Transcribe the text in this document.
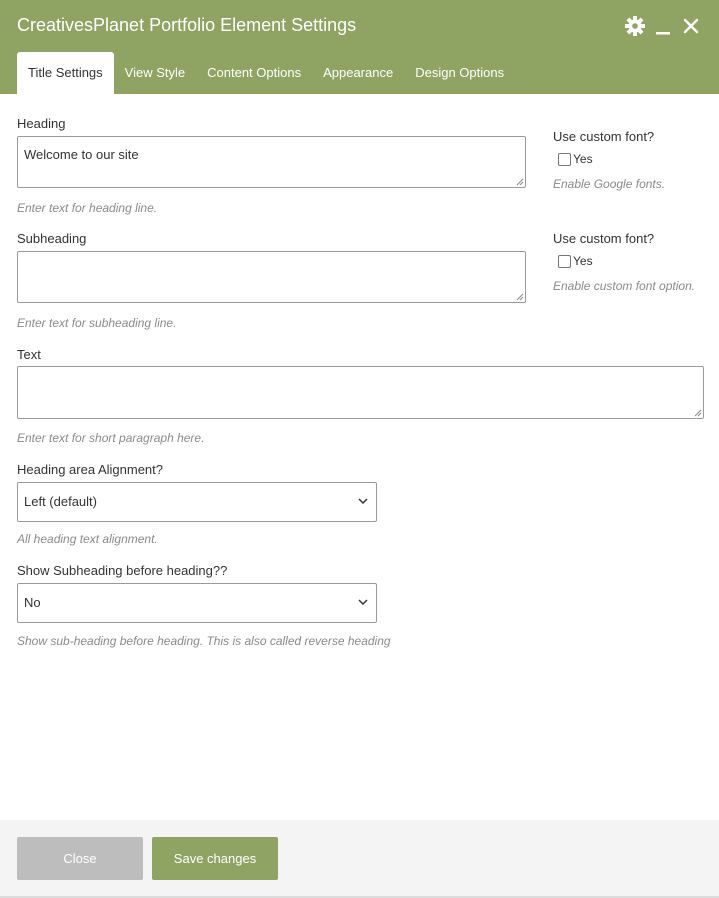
CreativesPlanet Portfolio Element Settings
Title Settings	View Style	Content Options	Appearance	Design Options
Heading
Welcome to our site
Enter text for heading line.
Use custom font?
Yes
Enable Google fonts.
Subheading
Enter text for subheading line.
Use custom font?
Yes
Enable custom font option.
Text
Enter text for short paragraph here.
Heading area Alignment?
Left (default)
All heading text alignment.
Show Subheading before heading??
No
Show sub-heading before heading. This is also called reverse heading
Close	Save changes
